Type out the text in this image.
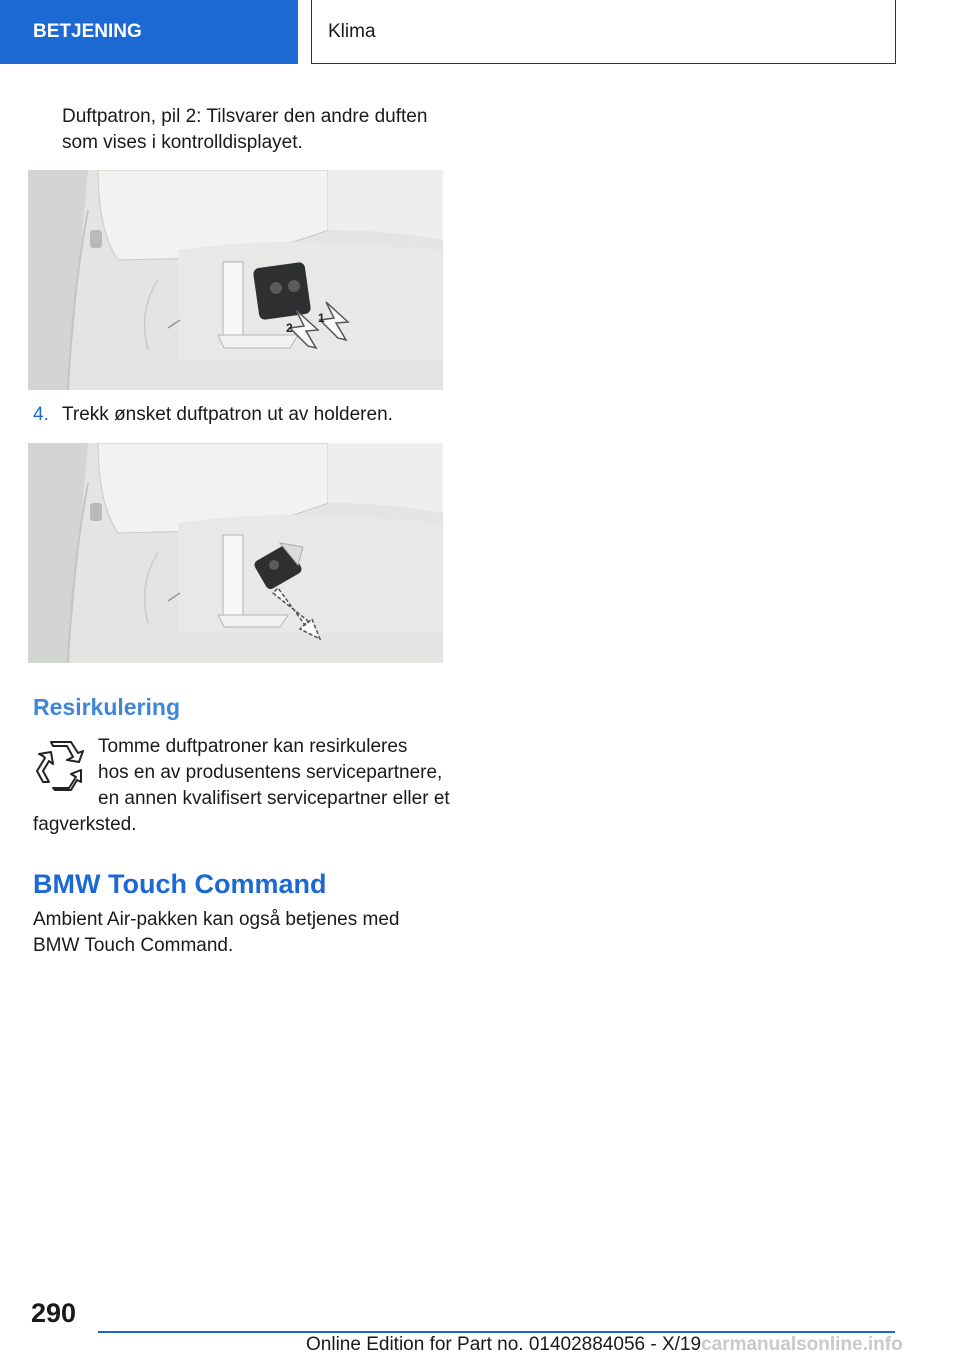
BETJENING	Klima
Duftpatron, pil 2: Tilsvarer den andre duften
som vises i kontrolldisplayet.
1
2
4. Trekk ønsket duftpatron ut av holderen.
Resirkulering
Tomme duftpatroner kan resirkuleres
hos en av produsentens servicepartnere,
en annen kvalifisert servicepartner eller et
fagverksted.
BMW Touch Command
Ambient Air-pakken kan også betjenes med
BMW Touch Command.
290
Online Edition for Part no. 01402884056 - X/19carmanualsonline.info
